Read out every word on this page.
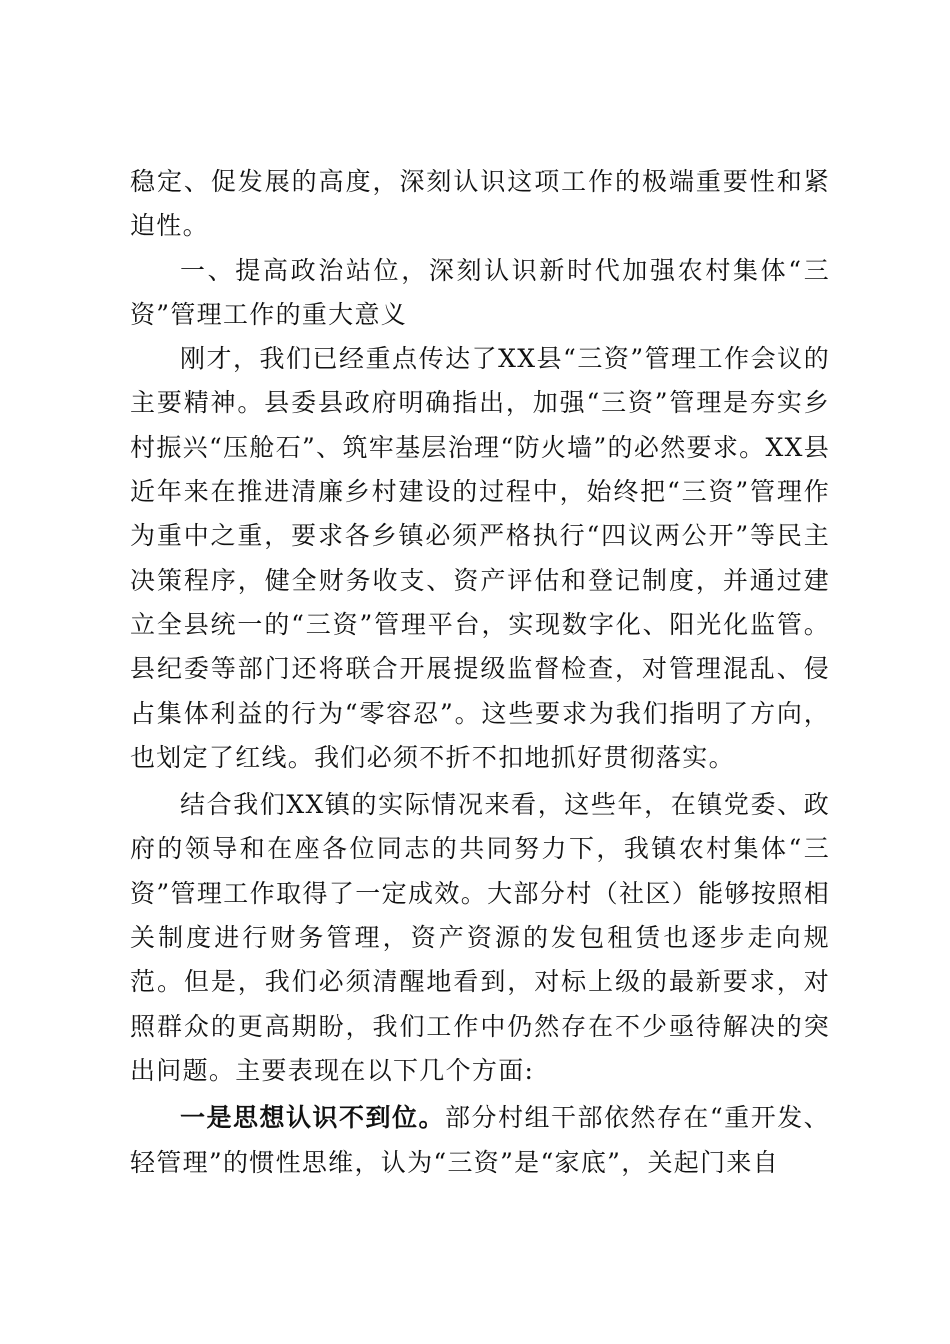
稳定、促发展的高度，深刻认识这项工作的极端重要性和紧迫性。

一、提高政治站位，深刻认识新时代加强农村集体“三资”管理工作的重大意义

刚才，我们已经重点传达了XX县“三资”管理工作会议的主要精神。县委县政府明确指出，加强“三资”管理是夯实乡村振兴“压舱石”、筑牢基层治理“防火墙”的必然要求。XX县近年来在推进清廉乡村建设的过程中，始终把“三资”管理作为重中之重，要求各乡镇必须严格执行“四议两公开”等民主决策程序，健全财务收支、资产评估和登记制度，并通过建立全县统一的“三资”管理平台，实现数字化、阳光化监管。县纪委等部门还将联合开展提级监督检查，对管理混乱、侵占集体利益的行为“零容忍”。这些要求为我们指明了方向，也划定了红线。我们必须不折不扣地抓好贯彻落实。

结合我们XX镇的实际情况来看，这些年，在镇党委、政府的领导和在座各位同志的共同努力下，我镇农村集体“三资”管理工作取得了一定成效。大部分村（社区）能够按照相关制度进行财务管理，资产资源的发包租赁也逐步走向规范。但是，我们必须清醒地看到，对标上级的最新要求，对照群众的更高期盼，我们工作中仍然存在不少亟待解决的突出问题。主要表现在以下几个方面:

一是思想认识不到位。部分村组干部依然存在“重开发、轻管理”的惯性思维，认为“三资”是“家底”，关起门来自
